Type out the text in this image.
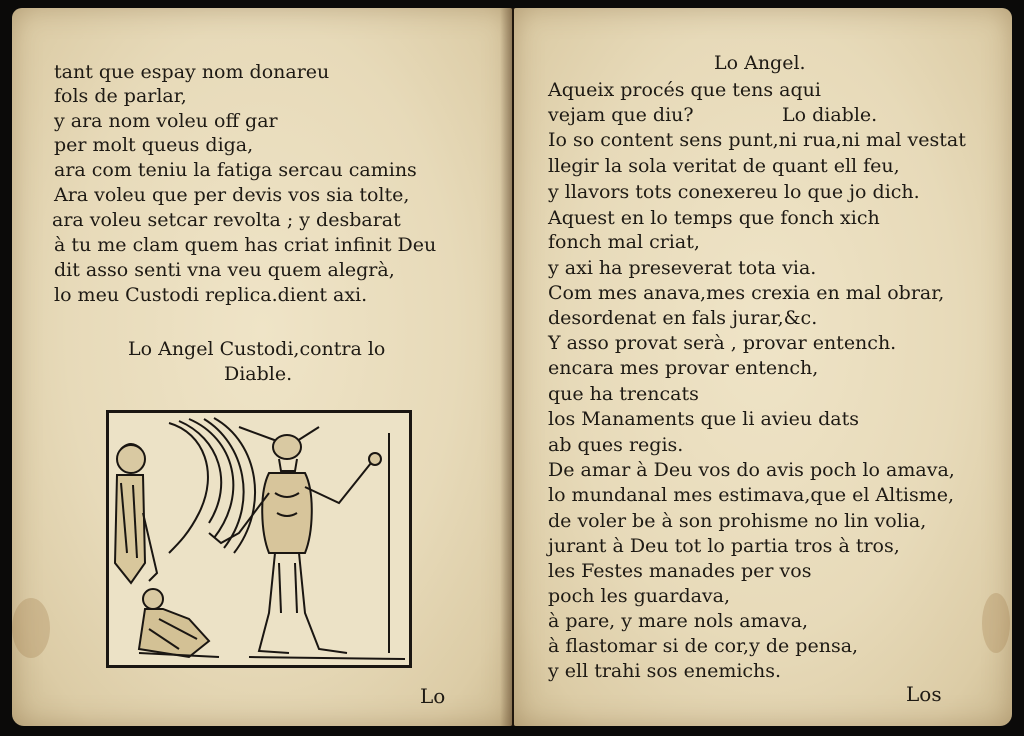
tant que espay nom donareu
fols de parlar,
y ara nom voleu off gar
per molt queus diga,
ara com teniu la fatiga sercau camins
Ara voleu que per devis vos sia tolte,
ara voleu setcar revolta ; y desbarat
à tu me clam quem has criat infinit Deu
dit asso senti vna veu quem alegrà,
lo meu Custodi replica.dient axi.
Lo Angel Custodi,contra lo
Diable.
Lo
Lo Angel.
Aqueix procés que tens aqui
vejam que diu?	Lo diable.
Io so content sens punt,ni rua,ni mal vestat
llegir la sola veritat de quant ell feu,
y llavors tots conexereu lo que jo dich.
Aquest en lo temps que fonch xich
fonch mal criat,
y axi ha preseverat tota via.
Com mes anava,mes crexia en mal obrar,
desordenat en fals jurar,&c.
Y asso provat serà , provar entench.
encara mes provar entench,
que ha trencats
los Manaments que li avieu dats
ab ques regis.
De amar à Deu vos do avis poch lo amava,
lo mundanal mes estimava,que el Altisme,
de voler be à son prohisme no lin volia,
jurant à Deu tot lo partia tros à tros,
les Festes manades per vos
poch les guardava,
à pare, y mare nols amava,
à flastomar si de cor,y de pensa,
y ell trahi sos enemichs.
Los
